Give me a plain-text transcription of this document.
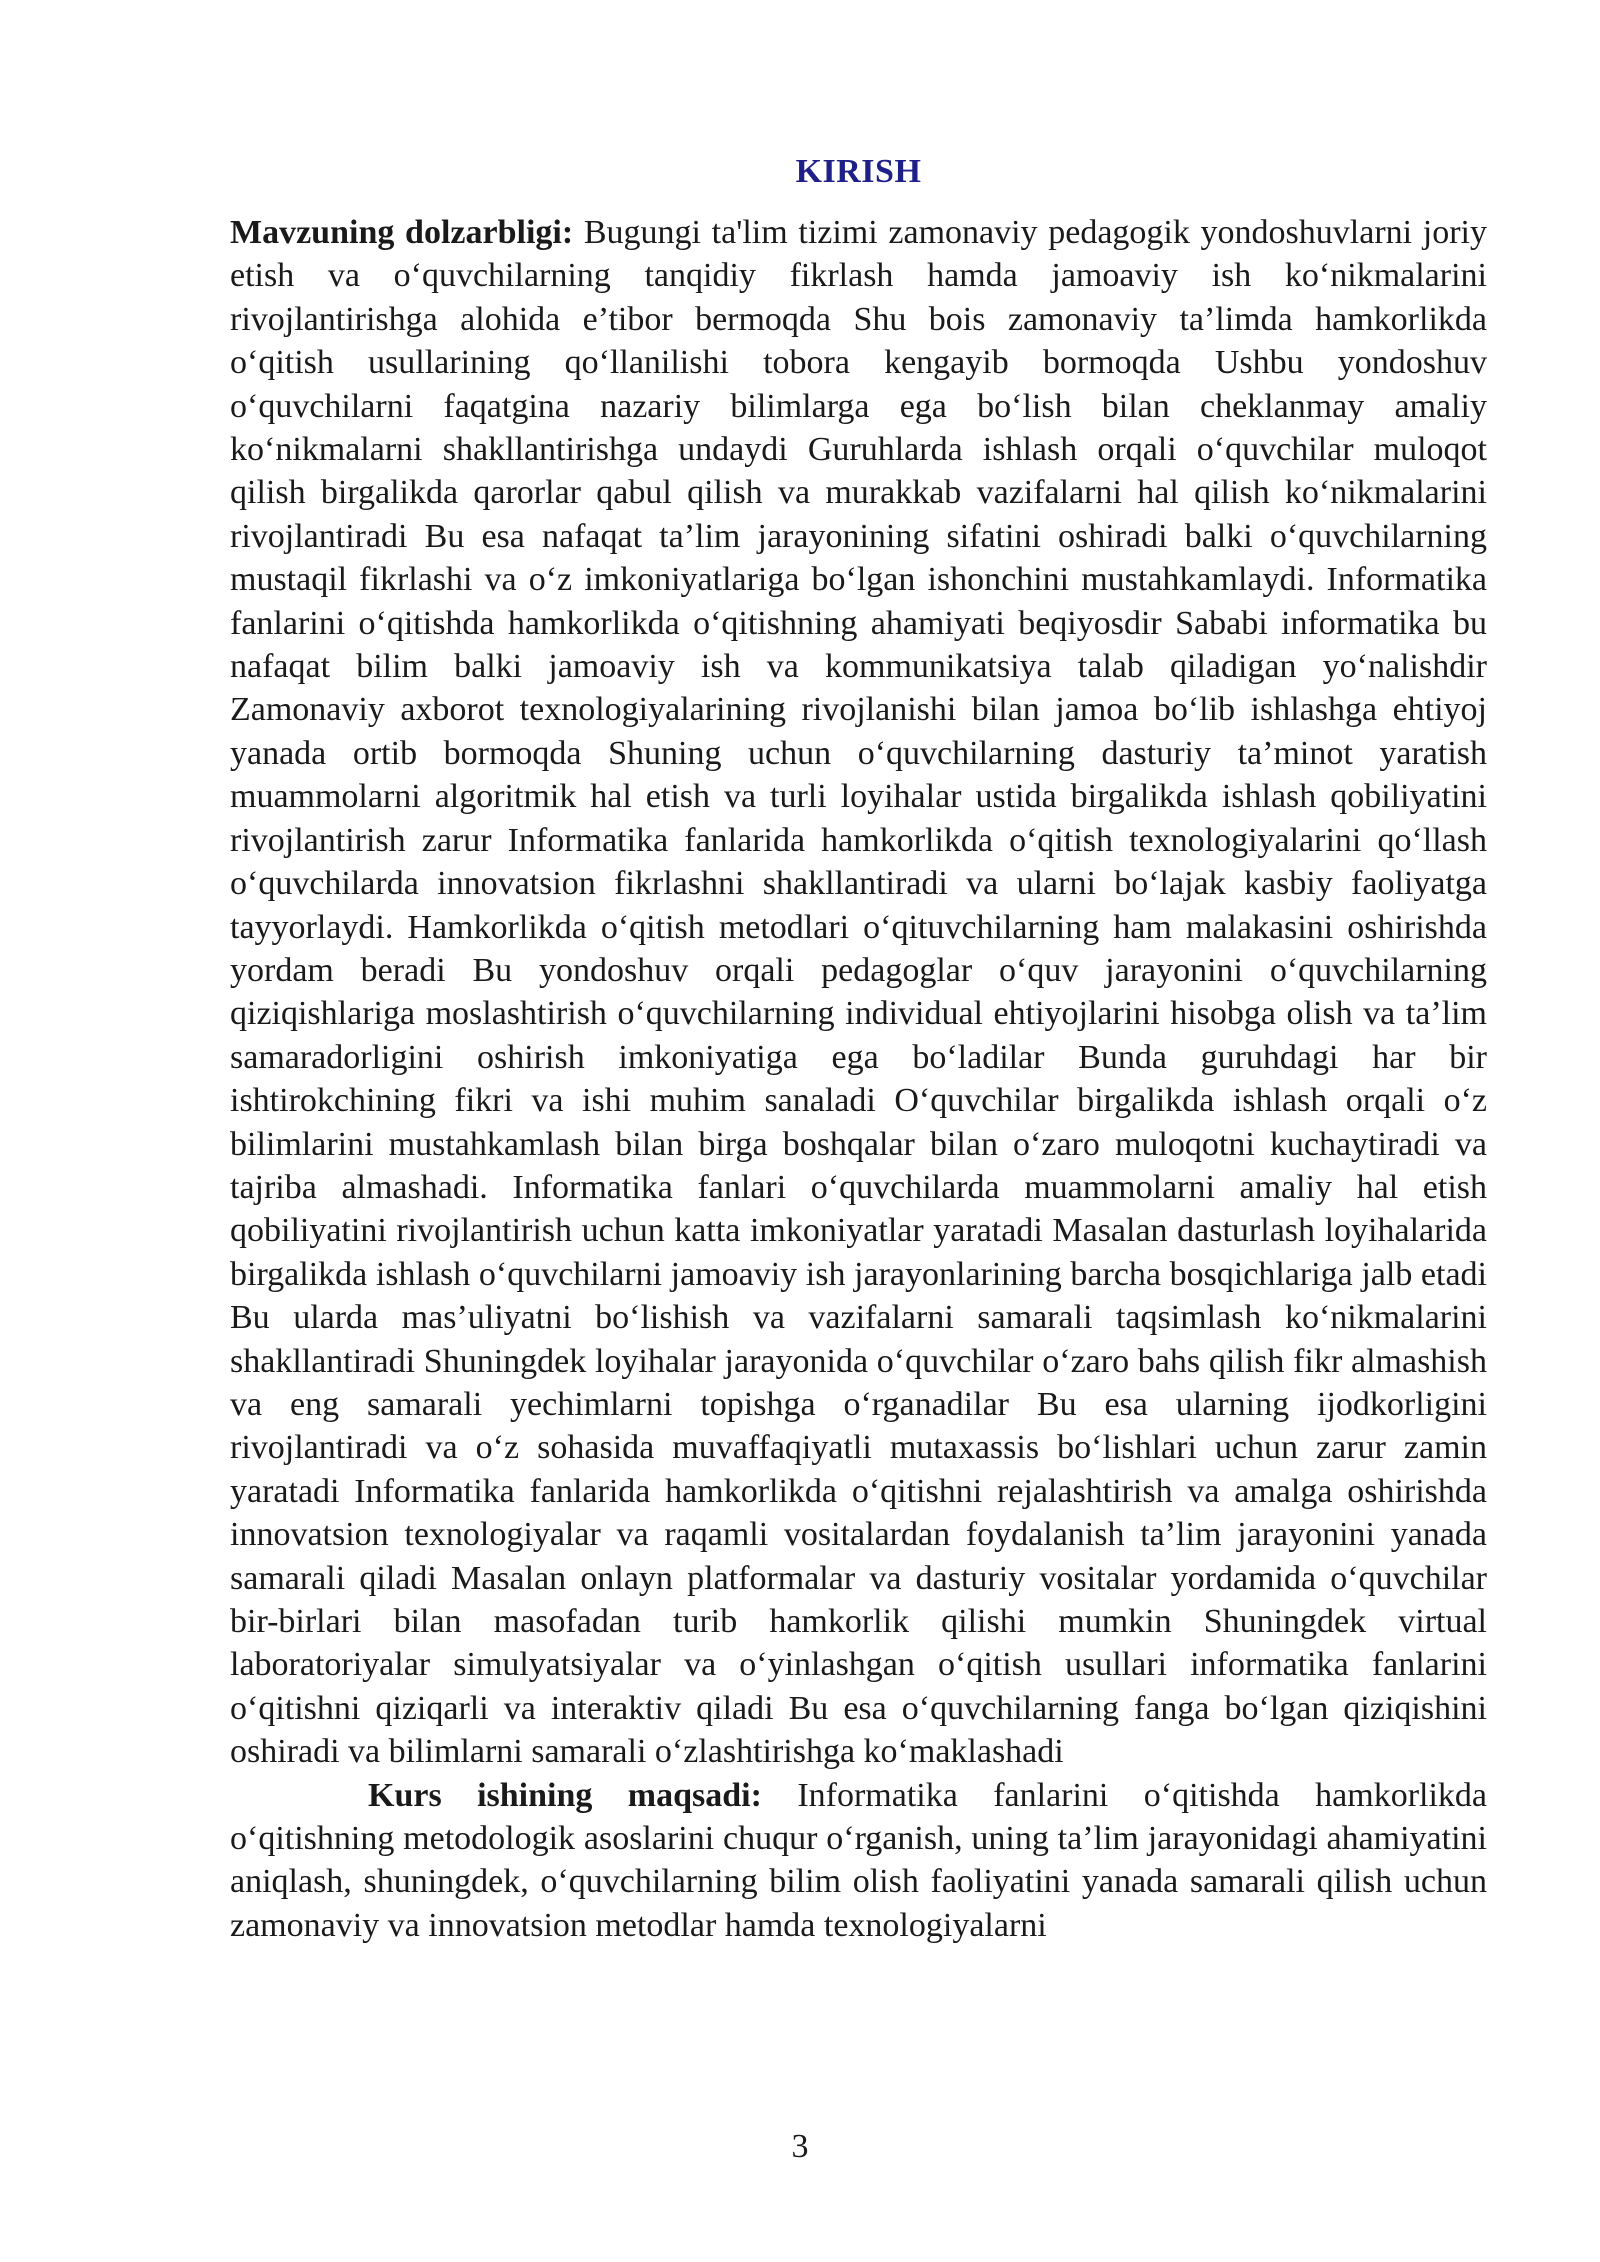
KIRISH

Mavzuning dolzarbligi: Bugungi ta'lim tizimi zamonaviy pedagogik yondoshuvlarni joriy etish va o‘quvchilarning tanqidiy fikrlash hamda jamoaviy ish ko‘nikmalarini rivojlantirishga alohida e’tibor bermoqda Shu bois zamonaviy ta’limda hamkorlikda o‘qitish usullarining qo‘llanilishi tobora kengayib bormoqda Ushbu yondoshuv o‘quvchilarni faqatgina nazariy bilimlarga ega bo‘lish bilan cheklanmay amaliy ko‘nikmalarni shakllantirishga undaydi Guruhlarda ishlash orqali o‘quvchilar muloqot qilish birgalikda qarorlar qabul qilish va murakkab vazifalarni hal qilish ko‘nikmalarini rivojlantiradi Bu esa nafaqat ta’lim jarayonining sifatini oshiradi balki o‘quvchilarning mustaqil fikrlashi va o‘z imkoniyatlariga bo‘lgan ishonchini mustahkamlaydi. Informatika fanlarini o‘qitishda hamkorlikda o‘qitishning ahamiyati beqiyosdir Sababi informatika bu nafaqat bilim balki jamoaviy ish va kommunikatsiya talab qiladigan yo‘nalishdir Zamonaviy axborot texnologiyalarining rivojlanishi bilan jamoa bo‘lib ishlashga ehtiyoj yanada ortib bormoqda Shuning uchun o‘quvchilarning dasturiy ta’minot yaratish muammolarni algoritmik hal etish va turli loyihalar ustida birgalikda ishlash qobiliyatini rivojlantirish zarur Informatika fanlarida hamkorlikda o‘qitish texnologiyalarini qo‘llash o‘quvchilarda innovatsion fikrlashni shakllantiradi va ularni bo‘lajak kasbiy faoliyatga tayyorlaydi. Hamkorlikda o‘qitish metodlari o‘qituvchilarning ham malakasini oshirishda yordam beradi Bu yondoshuv orqali pedagoglar o‘quv jarayonini o‘quvchilarning qiziqishlariga moslashtirish o‘quvchilarning individual ehtiyojlarini hisobga olish va ta’lim samaradorligini oshirish imkoniyatiga ega bo‘ladilar Bunda guruhdagi har bir ishtirokchining fikri va ishi muhim sanaladi O‘quvchilar birgalikda ishlash orqali o‘z bilimlarini mustahkamlash bilan birga boshqalar bilan o‘zaro muloqotni kuchaytiradi va tajriba almashadi. Informatika fanlari o‘quvchilarda muammolarni amaliy hal etish qobiliyatini rivojlantirish uchun katta imkoniyatlar yaratadi Masalan dasturlash loyihalarida birgalikda ishlash o‘quvchilarni jamoaviy ish jarayonlarining barcha bosqichlariga jalb etadi Bu ularda mas’uliyatni bo‘lishish va vazifalarni samarali taqsimlash ko‘nikmalarini shakllantiradi Shuningdek loyihalar jarayonida o‘quvchilar o‘zaro bahs qilish fikr almashish va eng samarali yechimlarni topishga o‘rganadilar Bu esa ularning ijodkorligini rivojlantiradi va o‘z sohasida muvaffaqiyatli mutaxassis bo‘lishlari uchun zarur zamin yaratadi Informatika fanlarida hamkorlikda o‘qitishni rejalashtirish va amalga oshirishda innovatsion texnologiyalar va raqamli vositalardan foydalanish ta’lim jarayonini yanada samarali qiladi Masalan onlayn platformalar va dasturiy vositalar yordamida o‘quvchilar bir-birlari bilan masofadan turib hamkorlik qilishi mumkin Shuningdek virtual laboratoriyalar simulyatsiyalar va o‘yinlashgan o‘qitish usullari informatika fanlarini o‘qitishni qiziqarli va interaktiv qiladi Bu esa o‘quvchilarning fanga bo‘lgan qiziqishini oshiradi va bilimlarni samarali o‘zlashtirishga ko‘maklashadi

Kurs ishining maqsadi: Informatika fanlarini o‘qitishda hamkorlikda o‘qitishning metodologik asoslarini chuqur o‘rganish, uning ta’lim jarayonidagi ahamiyatini aniqlash, shuningdek, o‘quvchilarning bilim olish faoliyatini yanada samarali qilish uchun zamonaviy va innovatsion metodlar hamda texnologiyalarni

3
